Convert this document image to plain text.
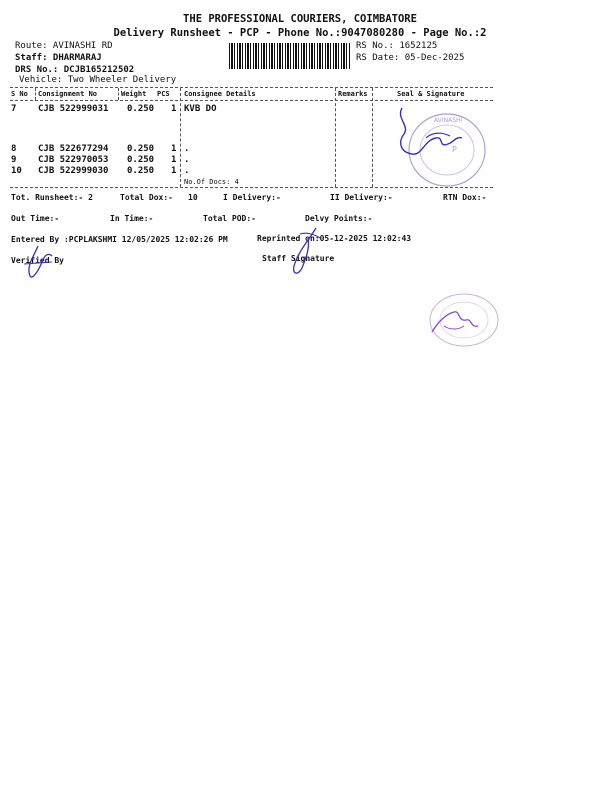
THE PROFESSIONAL COURIERS, COIMBATORE
Delivery Runsheet - PCP - Phone No.:9047080280 - Page No.:2
Route: AVINASHI RD
Staff: DHARMARAJ
DRS No.: DCJB165212502
Vehicle: Two Wheeler Delivery
RS No.: 1652125
RS Date: 05-Dec-2025
S No Consignment No	Weight PCS Consignee Details	Remarks	Seal & Signature
7 CJB 522999031 0.250 1 KVB DO
8 CJB 522677294 0.250 1 .
9 CJB 522970053 0.250 1 .
10 CJB 522999030 0.250 1 .
No.Of Docs: 4
AVINASHI
P
Tot. Runsheet:- 2	Total Dox:- 10	I Delivery:-	II Delivery:-	RTN Dox:-
Out Time:-	In Time:-	Total POD:-	Delvy Points:-
Entered By :PCPLAKSHMI 12/05/2025 12:02:26 PM	Reprinted on:05-12-2025 12:02:43
Verified By	Staff Signature
